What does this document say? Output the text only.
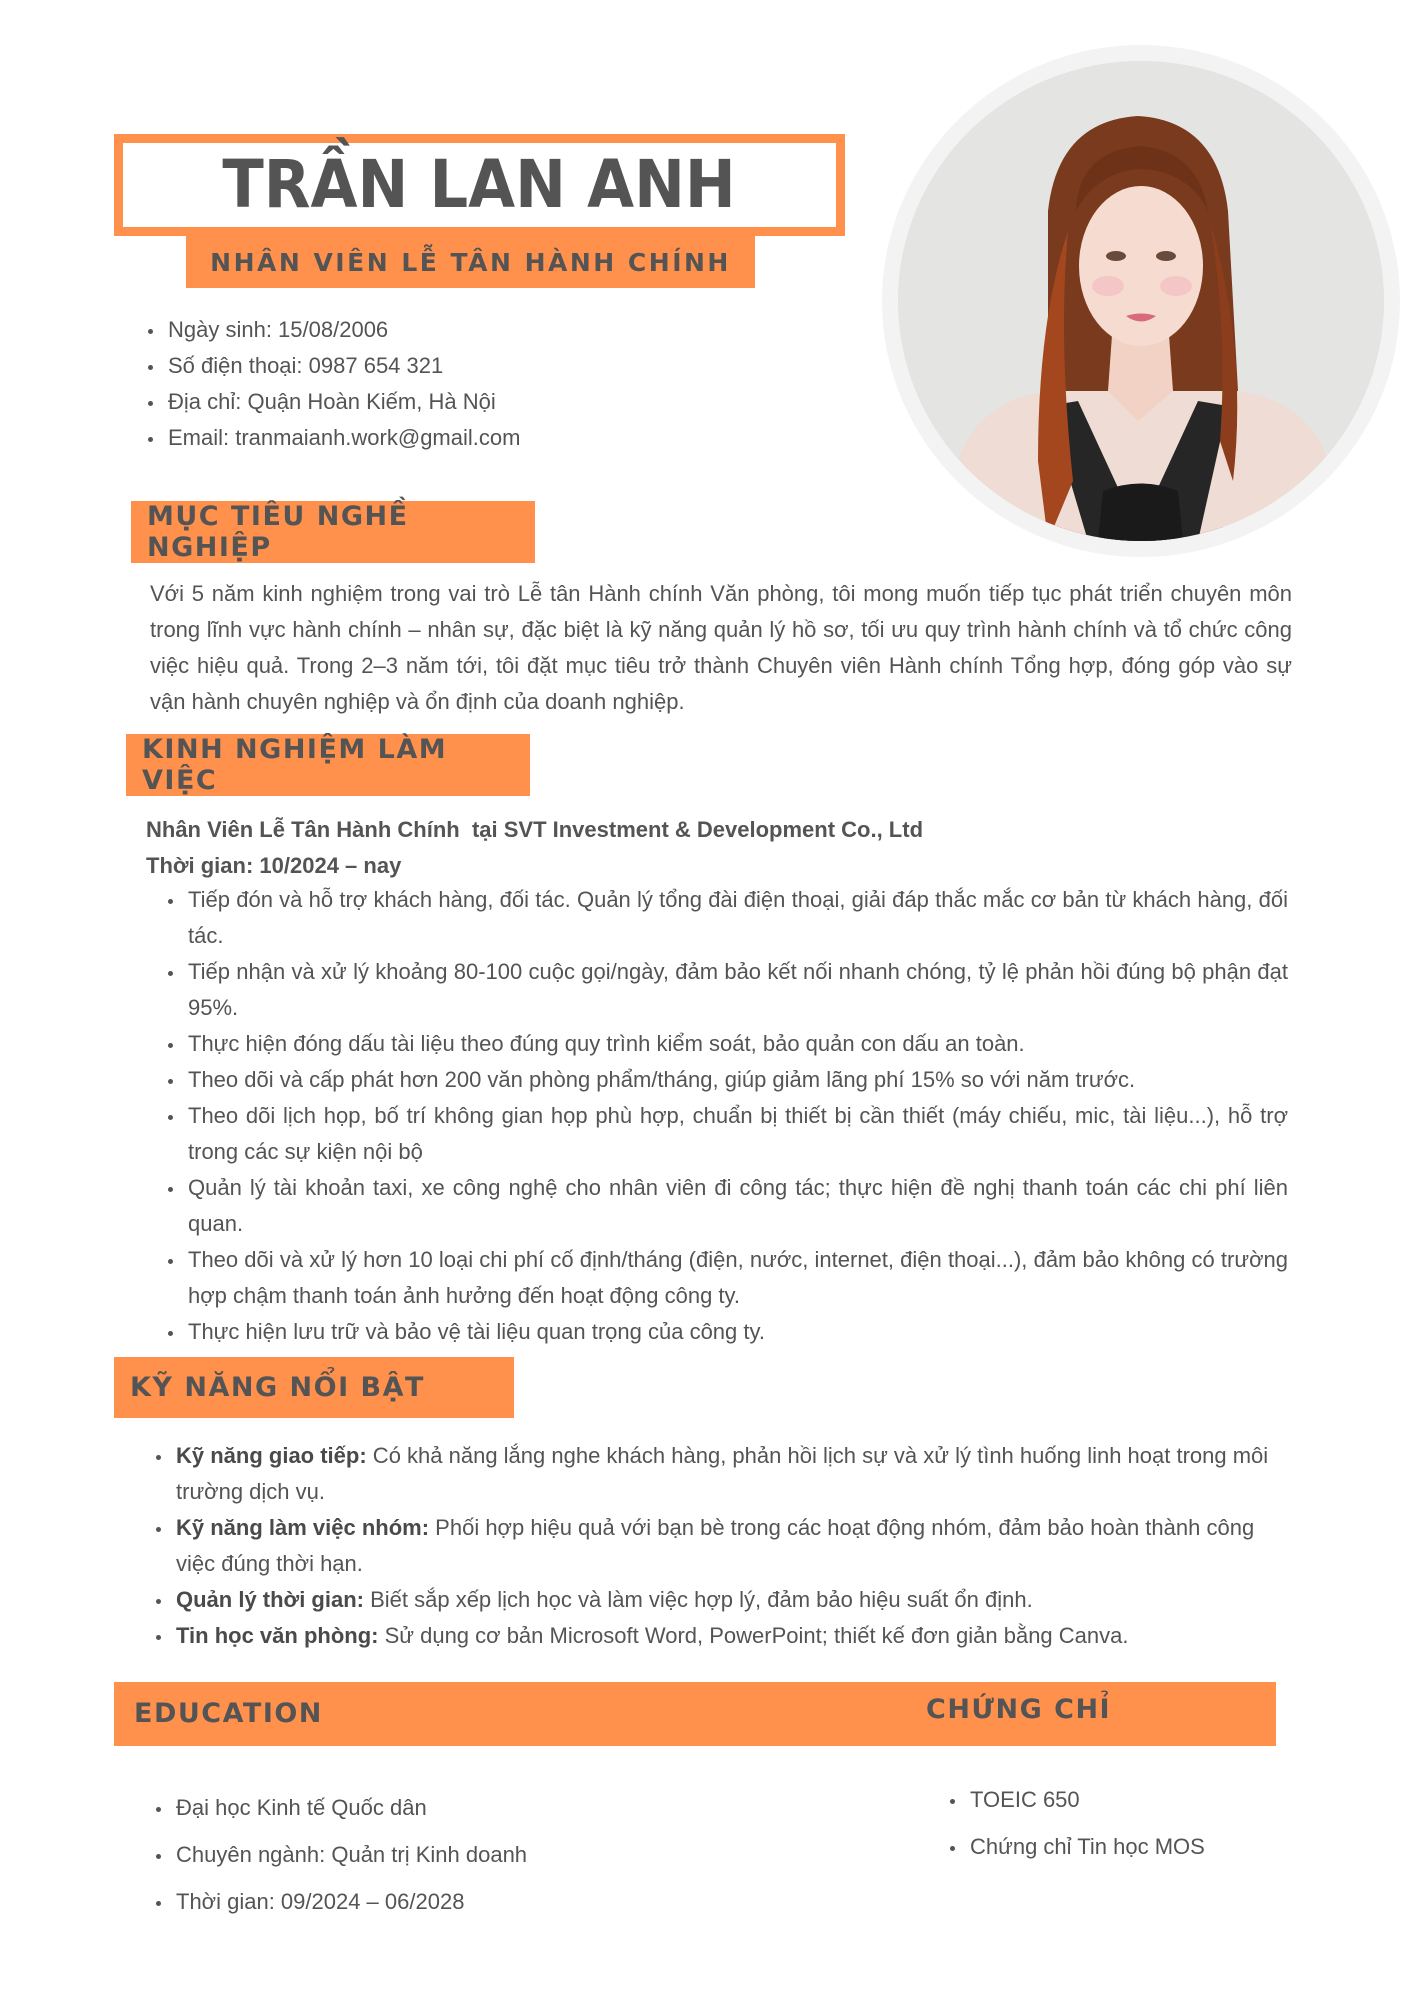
TRẦN LAN ANH
NHÂN VIÊN LỄ TÂN HÀNH CHÍNH
Ngày sinh: 15/08/2006
Số điện thoại: 0987 654 321
Địa chỉ: Quận Hoàn Kiếm, Hà Nội
Email: tranmaianh.work@gmail.com
MỤC TIÊU NGHỀ NGHIỆP

Với 5 năm kinh nghiệm trong vai trò Lễ tân Hành chính Văn phòng, tôi mong muốn tiếp tục phát triển chuyên môn trong lĩnh vực hành chính – nhân sự, đặc biệt là kỹ năng quản lý hồ sơ, tối ưu quy trình hành chính và tổ chức công việc hiệu quả. Trong 2–3 năm tới, tôi đặt mục tiêu trở thành Chuyên viên Hành chính Tổng hợp, đóng góp vào sự vận hành chuyên nghiệp và ổn định của doanh nghiệp.

KINH NGHIỆM LÀM VIỆC
Nhân Viên Lễ Tân Hành Chính  tại SVT Investment & Development Co., Ltd
Thời gian: 10/2024 – nay
Tiếp đón và hỗ trợ khách hàng, đối tác. Quản lý tổng đài điện thoại, giải đáp thắc mắc cơ bản từ khách hàng, đối tác.
Tiếp nhận và xử lý khoảng 80-100 cuộc gọi/ngày, đảm bảo kết nối nhanh chóng, tỷ lệ phản hồi đúng bộ phận đạt 95%.
Thực hiện đóng dấu tài liệu theo đúng quy trình kiểm soát, bảo quản con dấu an toàn.
Theo dõi và cấp phát hơn 200 văn phòng phẩm/tháng, giúp giảm lãng phí 15% so với năm trước.
Theo dõi lịch họp, bố trí không gian họp phù hợp, chuẩn bị thiết bị cần thiết (máy chiếu, mic, tài liệu...), hỗ trợ trong các sự kiện nội bộ
Quản lý tài khoản taxi, xe công nghệ cho nhân viên đi công tác; thực hiện đề nghị thanh toán các chi phí liên quan.
Theo dõi và xử lý hơn 10 loại chi phí cố định/tháng (điện, nước, internet, điện thoại...), đảm bảo không có trường hợp chậm thanh toán ảnh hưởng đến hoạt động công ty.
Thực hiện lưu trữ và bảo vệ tài liệu quan trọng của công ty.
KỸ NĂNG NỔI BẬT
Kỹ năng giao tiếp: Có khả năng lắng nghe khách hàng, phản hồi lịch sự và xử lý tình huống linh hoạt trong môi trường dịch vụ.
Kỹ năng làm việc nhóm: Phối hợp hiệu quả với bạn bè trong các hoạt động nhóm, đảm bảo hoàn thành công việc đúng thời hạn.
Quản lý thời gian: Biết sắp xếp lịch học và làm việc hợp lý, đảm bảo hiệu suất ổn định.
Tin học văn phòng: Sử dụng cơ bản Microsoft Word, PowerPoint; thiết kế đơn giản bằng Canva.
EDUCATION	CHỨNG CHỈ
Đại học Kinh tế Quốc dân
Chuyên ngành: Quản trị Kinh doanh
Thời gian: 09/2024 – 06/2028
TOEIC 650
Chứng chỉ Tin học MOS
